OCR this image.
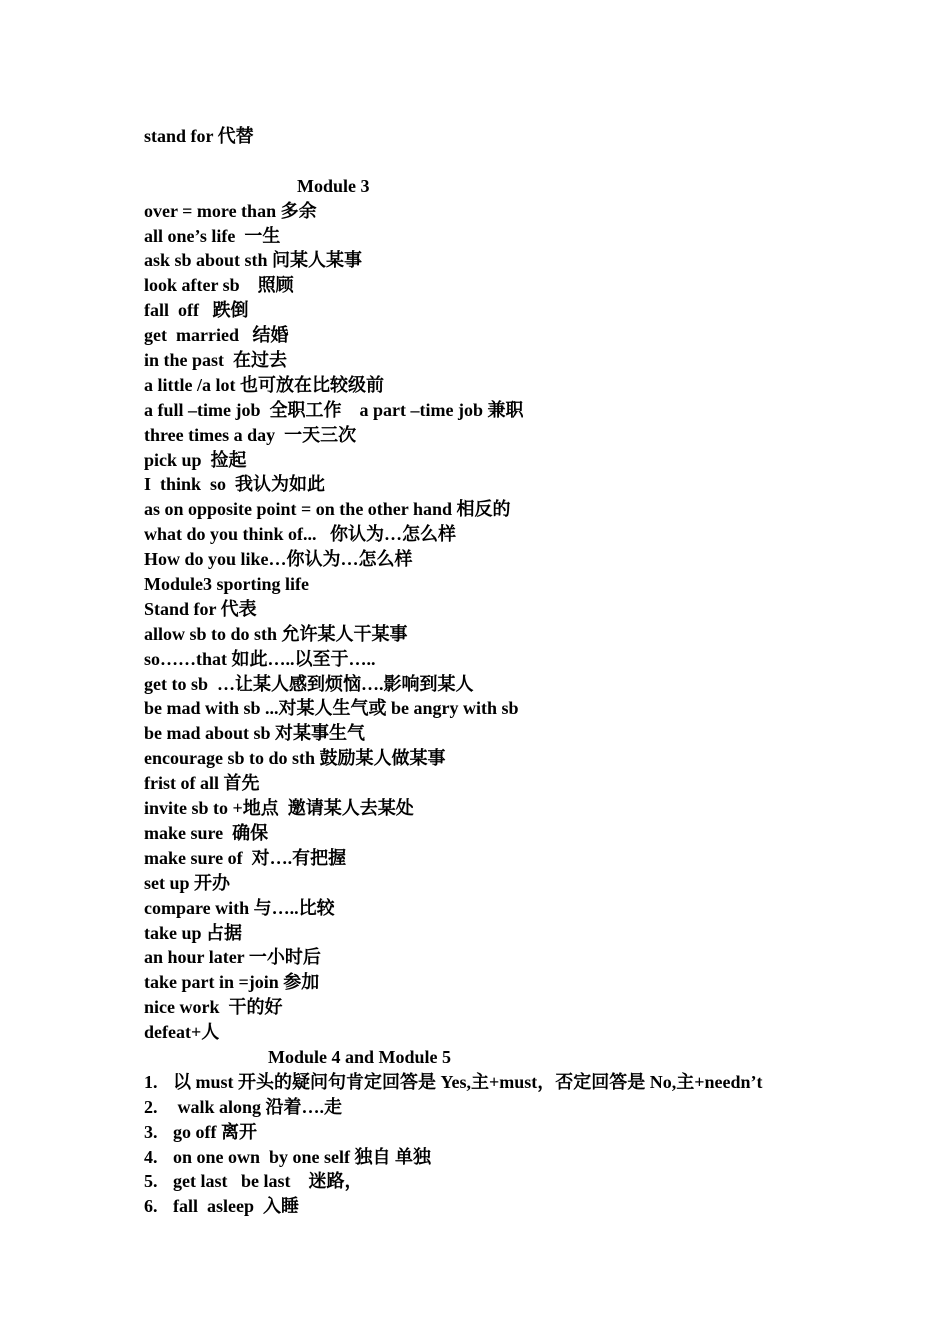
stand for 代替
Module 3
over = more than 多余
all one’s life  一生
ask sb about sth 问某人某事
look after sb    照顾
fall  off   跌倒
get  married   结婚
in the past  在过去
a little /a lot 也可放在比较级前
a full –time job  全职工作    a part –time job 兼职
three times a day  一天三次
pick up  捡起
I  think  so  我认为如此
as on opposite point = on the other hand 相反的
what do you think of...   你认为…怎么样
How do you like…你认为…怎么样
Module3 sporting life
Stand for 代表
allow sb to do sth 允许某人干某事
so……that 如此…..以至于…..
get to sb  …让某人感到烦恼….影响到某人
be mad with sb ...对某人生气或 be angry with sb
be mad about sb 对某事生气
encourage sb to do sth 鼓励某人做某事
frist of all 首先
invite sb to +地点  邀请某人去某处
make sure  确保
make sure of  对….有把握
set up 开办
compare with 与…..比较
take up 占据
an hour later 一小时后
take part in =join 参加
nice work  干的好
defeat+人
Module 4 and Module 5
1. 以 must 开头的疑问句肯定回答是 Yes,主+must，否定回答是 No,主+needn’t
2. walk along 沿着….走
3. go off 离开
4. on one own  by one self 独自 单独
5. get last   be last    迷路，
6. fall  asleep  入睡
